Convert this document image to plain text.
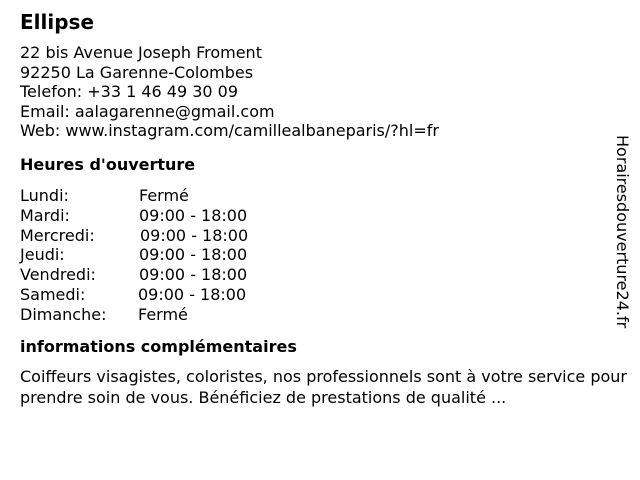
Ellipse
22 bis Avenue Joseph Froment
92250 La Garenne-Colombes
Telefon: +33 1 46 49 30 09
Email: aalagarenne@gmail.com
Web: www.instagram.com/camillealbaneparis/?hl=fr
Heures d'ouverture
Lundi:	Fermé
Mardi:	09:00 - 18:00
Mercredi:	09:00 - 18:00
Jeudi:	09:00 - 18:00
Vendredi:	09:00 - 18:00
Samedi:	09:00 - 18:00
Dimanche: Fermé
informations complémentaires
Coiffeurs visagistes, coloristes, nos professionnels sont à votre service pour prendre soin de vous. Bénéficiez de prestations de qualité ...
Horairesdouverture24.fr
